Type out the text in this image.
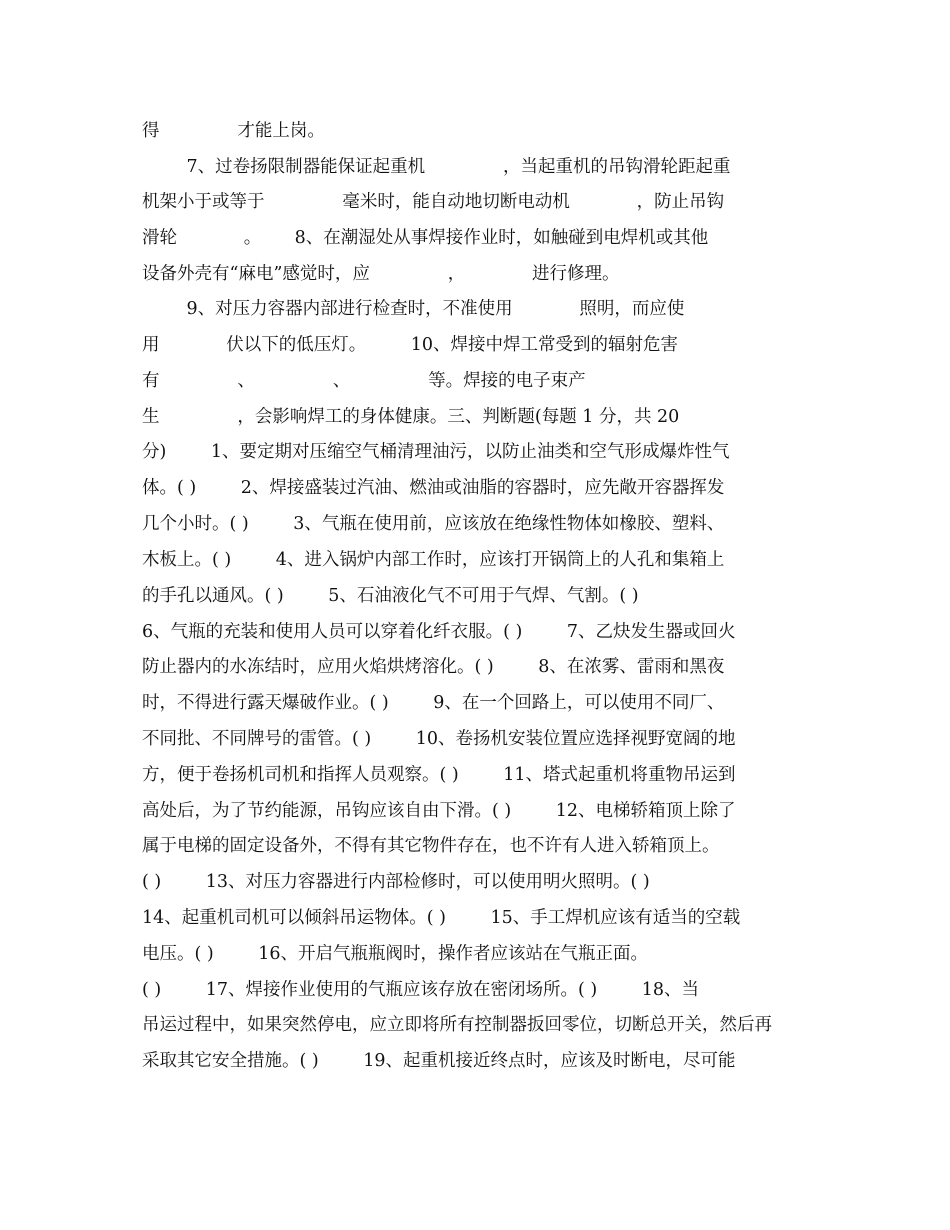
得              才能上岗。
7、过卷扬限制器能保证起重机              ，当起重机的吊钩滑轮距起重
机架小于或等于              毫米时，能自动地切断电动机            ，防止吊钩
滑轮            。      8、在潮湿处从事焊接作业时，如触碰到电焊机或其他
设备外壳有“麻电”感觉时，应              ，            进行修理。
9、对压力容器内部进行检查时，不准使用            照明，而应使
用            伏以下的低压灯。        10、焊接中焊工常受到的辐射危害
有              、              、              等。焊接的电子束产
生              ，会影响焊工的身体健康。三、判断题(每题 1 分，共 20
分)        1、要定期对压缩空气桶清理油污，以防止油类和空气形成爆炸性气
体。( )        2、焊接盛装过汽油、燃油或油脂的容器时，应先敞开容器挥发
几个小时。( )        3、气瓶在使用前，应该放在绝缘性物体如橡胶、塑料、
木板上。( )        4、进入锅炉内部工作时，应该打开锅筒上的人孔和集箱上
的手孔以通风。( )        5、石油液化气不可用于气焊、气割。( )
6、气瓶的充装和使用人员可以穿着化纤衣服。( )        7、乙炔发生器或回火
防止器内的水冻结时，应用火焰烘烤溶化。( )        8、在浓雾、雷雨和黑夜
时，不得进行露天爆破作业。( )        9、在一个回路上，可以使用不同厂、
不同批、不同牌号的雷管。( )        10、卷扬机安装位置应选择视野宽阔的地
方，便于卷扬机司机和指挥人员观察。( )        11、塔式起重机将重物吊运到
高处后，为了节约能源，吊钩应该自由下滑。( )        12、电梯轿箱顶上除了
属于电梯的固定设备外，不得有其它物件存在，也不许有人进入轿箱顶上。
( )        13、对压力容器进行内部检修时，可以使用明火照明。( )
14、起重机司机可以倾斜吊运物体。( )        15、手工焊机应该有适当的空载
电压。( )        16、开启气瓶瓶阀时，操作者应该站在气瓶正面。
( )        17、焊接作业使用的气瓶应该存放在密闭场所。( )        18、当
吊运过程中，如果突然停电，应立即将所有控制器扳回零位，切断总开关，然后再
采取其它安全措施。( )        19、起重机接近终点时，应该及时断电，尽可能
